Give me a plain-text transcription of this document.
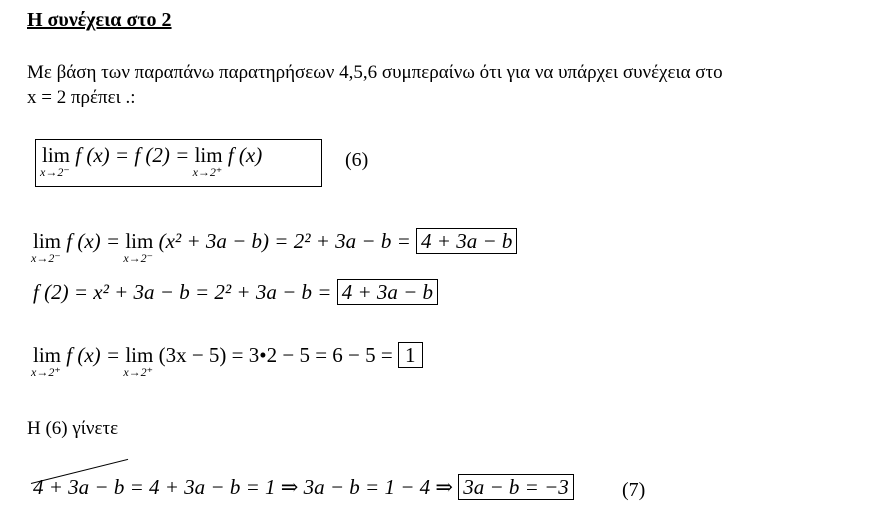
Η συνέχεια στο 2
Με βάση των παραπάνω παρατηρήσεων 4,5,6 συμπεραίνω ότι για να υπάρχει συνέχεια στο
x = 2 πρέπει .:
lim
x→2⁻
f (x) = f (2) = lim
x→2⁺
f (x)	(6)
lim
x→2⁻
f (x) = lim
x→2⁻
(x² + 3a − b) = 2² + 3a − b = 4 + 3a − b
f (2) = x² + 3a − b = 2² + 3a − b = 4 + 3a − b
lim
x→2⁺
f (x) = lim
x→2⁺
(3x − 5) = 3•2 − 5 = 6 − 5 = 1
Η (6) γίνετε
4 + 3a − b
= 4 + 3a − b = 1 ⇒ 3a − b = 1 − 4 ⇒ 3a − b = −3	(7)
